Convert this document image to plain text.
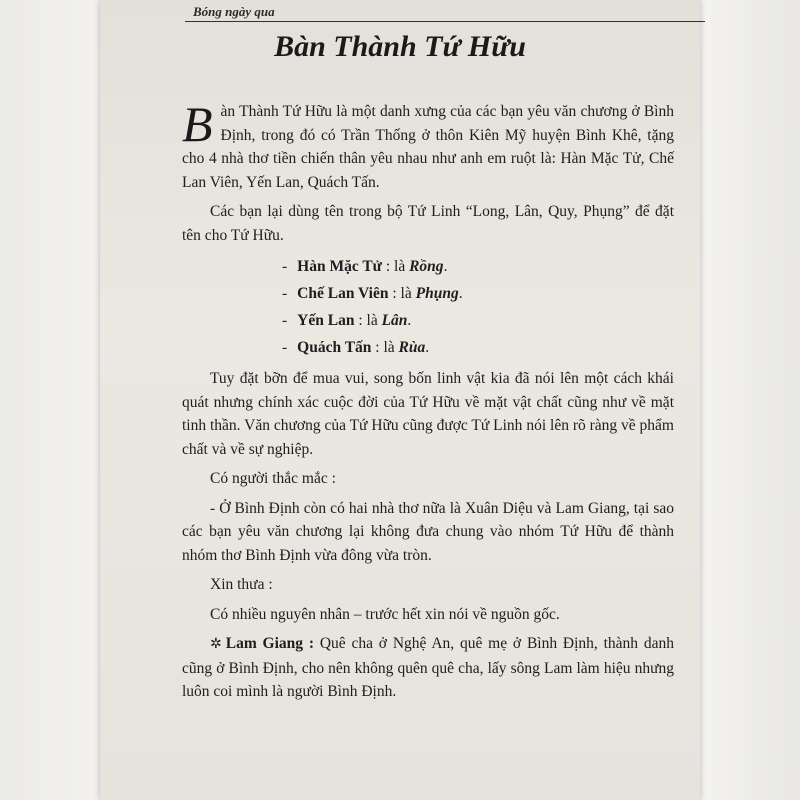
Bóng ngày qua
Bàn Thành Tứ Hữu

Bàn Thành Tứ Hữu là một danh xưng của các bạn yêu văn chương ở Bình Định, trong đó có Trần Thống ở thôn Kiên Mỹ huyện Bình Khê, tặng cho 4 nhà thơ tiền chiến thân yêu nhau như anh em ruột là: Hàn Mặc Tử, Chế Lan Viên, Yến Lan, Quách Tấn.

Các bạn lại dùng tên trong bộ Tứ Linh “Long, Lân, Quy, Phụng” để đặt tên cho Tứ Hữu.

- Hàn Mặc Tử : là Rồng.
- Chế Lan Viên : là Phụng.
- Yến Lan : là Lân.
- Quách Tấn : là Rùa.

Tuy đặt bỡn để mua vui, song bốn linh vật kia đã nói lên một cách khái quát nhưng chính xác cuộc đời của Tứ Hữu về mặt vật chất cũng như về mặt tinh thần. Văn chương của Tứ Hữu cũng được Tứ Linh nói lên rõ ràng về phẩm chất và về sự nghiệp.

Có người thắc mắc :

- Ở Bình Định còn có hai nhà thơ nữa là Xuân Diệu và Lam Giang, tại sao các bạn yêu văn chương lại không đưa chung vào nhóm Tứ Hữu để thành nhóm thơ Bình Định vừa đông vừa tròn.

Xin thưa :

Có nhiều nguyên nhân – trước hết xin nói về nguồn gốc.

✲ Lam Giang : Quê cha ở Nghệ An, quê mẹ ở Bình Định, thành danh cũng ở Bình Định, cho nên không quên quê cha, lấy sông Lam làm hiệu nhưng luôn coi mình là người Bình Định.
